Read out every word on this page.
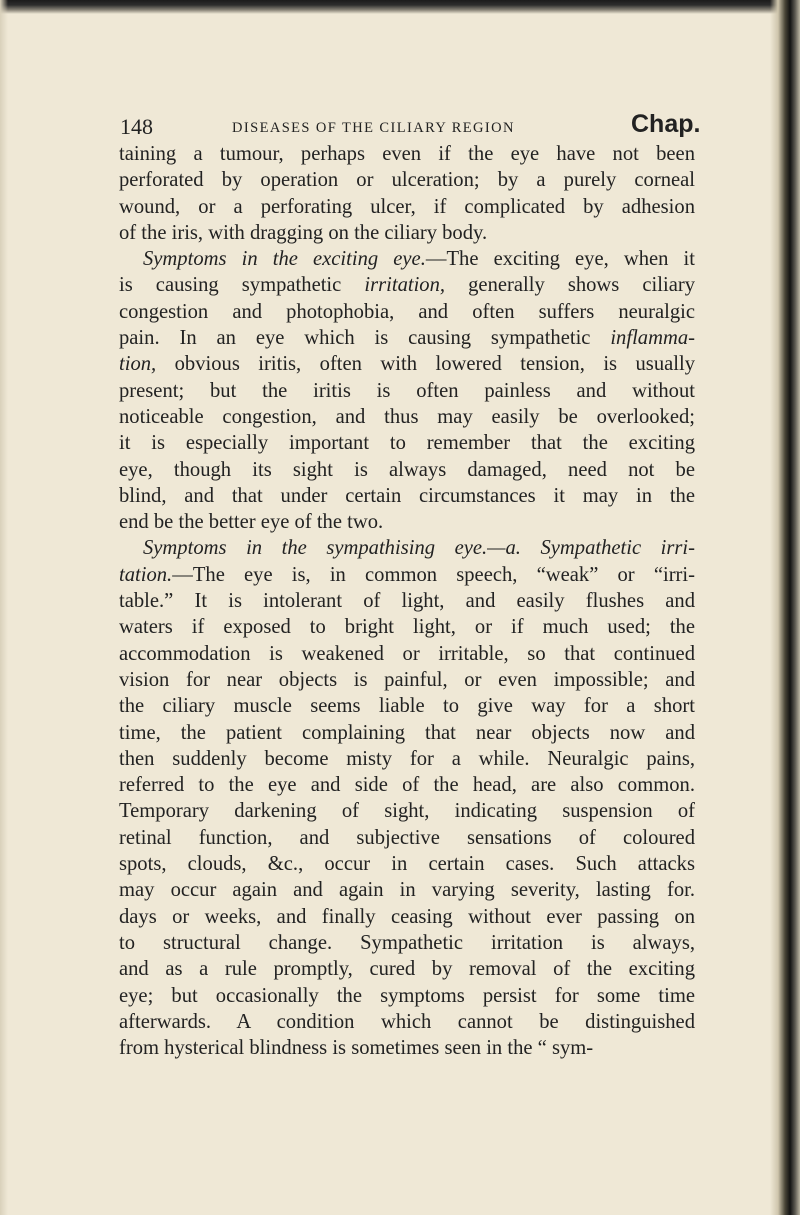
148	DISEASES OF THE CILIARY REGION	Chap.
taining a tumour, perhaps even if the eye have not been
perforated by operation or ulceration; by a purely corneal
wound, or a perforating ulcer, if complicated by adhesion
of the iris, with dragging on the ciliary body.
Symptoms in the exciting eye.—The exciting eye, when it
is causing sympathetic irritation, generally shows ciliary
congestion and photophobia, and often suffers neuralgic
pain. In an eye which is causing sympathetic inflamma-
tion, obvious iritis, often with lowered tension, is usually
present; but the iritis is often painless and without
noticeable congestion, and thus may easily be overlooked;
it is especially important to remember that the exciting
eye, though its sight is always damaged, need not be
blind, and that under certain circumstances it may in the
end be the better eye of the two.
Symptoms in the sympathising eye.—a. Sympathetic irri-
tation.—The eye is, in common speech, “weak” or “irri-
table.” It is intolerant of light, and easily flushes and
waters if exposed to bright light, or if much used; the
accommodation is weakened or irritable, so that continued
vision for near objects is painful, or even impossible; and
the ciliary muscle seems liable to give way for a short
time, the patient complaining that near objects now and
then suddenly become misty for a while. Neuralgic pains,
referred to the eye and side of the head, are also common.
Temporary darkening of sight, indicating suspension of
retinal function, and subjective sensations of coloured
spots, clouds, &c., occur in certain cases. Such attacks
may occur again and again in varying severity, lasting for.
days or weeks, and finally ceasing without ever passing on
to structural change. Sympathetic irritation is always,
and as a rule promptly, cured by removal of the exciting
eye; but occasionally the symptoms persist for some time
afterwards. A condition which cannot be distinguished
from hysterical blindness is sometimes seen in the “ sym-
